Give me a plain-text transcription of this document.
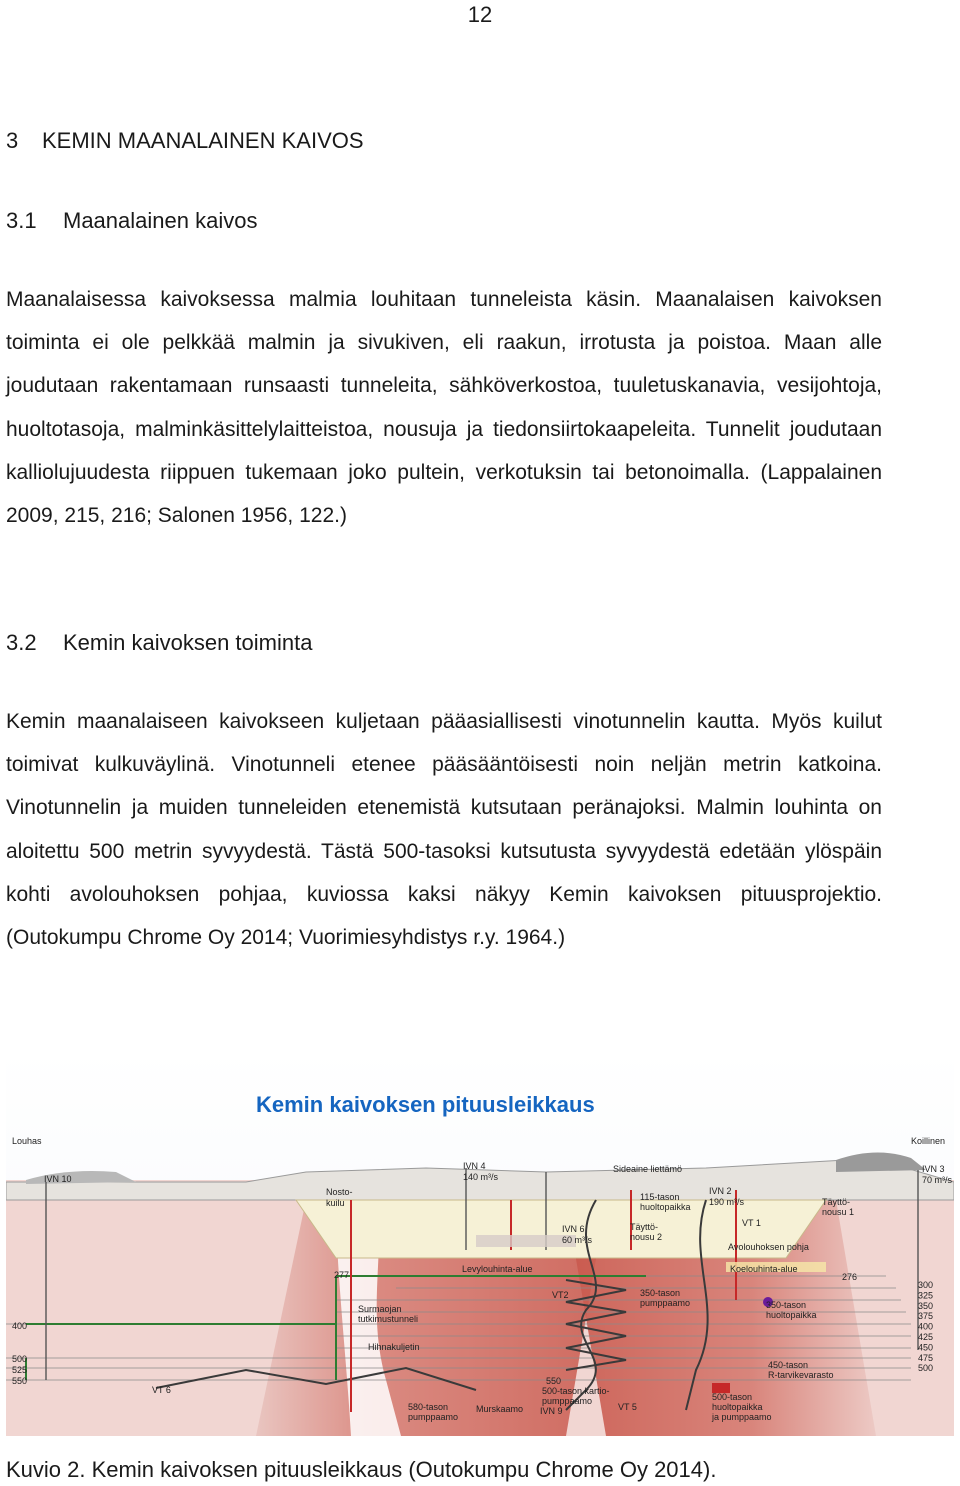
12
3 KEMIN MAANALAINEN KAIVOS
3.1 Maanalainen kaivos

Maanalaisessa kaivoksessa malmia louhitaan tunneleista käsin. Maanalaisen kaivoksen toiminta ei ole pelkkää malmin ja sivukiven, eli raakun, irrotusta ja poistoa. Maan alle joudutaan rakentamaan runsaasti tunneleita, sähköverkostoa, tuuletuskanavia, vesijohtoja, huoltotasoja, malminkäsittelylaitteistoa, nousuja ja tiedonsiirtokaapeleita. Tunnelit joudutaan kalliolujuudesta riippuen tukemaan joko pultein, verkotuksin tai betonoimalla. (Lappalainen 2009, 215, 216; Salonen 1956, 122.)

3.2 Kemin kaivoksen toiminta

Kemin maanalaiseen kaivokseen kuljetaan pääasiallisesti vinotunnelin kautta. Myös kuilut toimivat kulkuväylinä. Vinotunneli etenee pääsääntöisesti noin neljän metrin katkoina. Vinotunnelin ja muiden tunneleiden etenemistä kutsutaan peränajoksi. Malmin louhinta on aloitettu 500 metrin syvyydestä. Tästä 500-tasoksi kutsutusta syvyydestä edetään ylöspäin kohti avolouhoksen pohjaa, kuviossa kaksi näkyy Kemin kaivoksen pituusprojektio. (Outokumpu Chrome Oy 2014; Vuorimiesyhdistys r.y. 1964.)

Kemin kaivoksen pituusleikkaus
Louhas	Koillinen
IVN 10
IVN 4
140 m³/s
Sideaine liettämö
IVN 2
190 m³/s
IVN 3
70 m³/s
Nosto-kuilu
115-tason huoltopaikka	Täyttö-nousu 1
IVN 6
60 m³/s
Täyttö-nousu 2
VT 1
Avolouhoksen pohja
Levylouhinta-alue	Koelouhinta-alue
277	276
VT2	350-tason pumppaamo	350-tason huoltopaikka
Surmaojan tutkimustunneli
Hihnakuljetin
400
500
525
550
VT 6
550
500-tason kartio-pumppaamo
580-tason pumppaamo
Murskaamo IVN 9	VT 5
500-tason huoltopaikka ja pumppaamo
450-tason R-tarvikevarasto
300
325
350
375
400
425
450
475
500
Kuvio 2. Kemin kaivoksen pituusleikkaus (Outokumpu Chrome Oy 2014).
